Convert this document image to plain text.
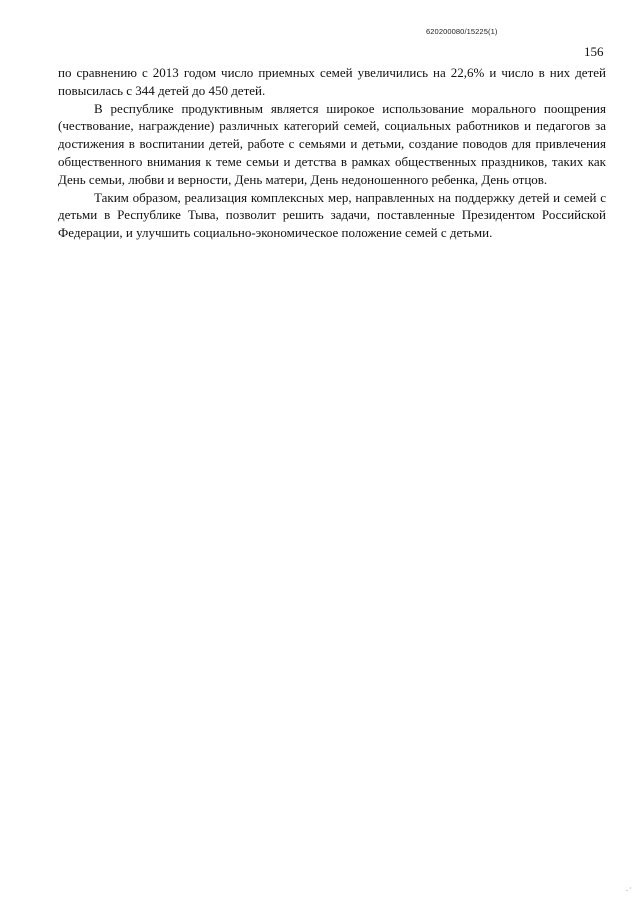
620200080/15225(1)
156

по сравнению с 2013 годом число приемных семей увеличились на 22,6% и число в них детей повысилась с 344 детей до 450 детей.

В республике продуктивным является широкое использование морального поощрения (чествование, награждение) различных категорий семей, социальных работников и педагогов за достижения в воспитании детей, работе с семьями и детьми, создание поводов для привлечения общественного внимания к теме семьи и детства в рамках общественных праздников, таких как День семьи, любви и верности, День матери, День недоношенного ребенка, День отцов.

Таким образом, реализация комплексных мер, направленных на поддержку детей и семей с детьми в Республике Тыва, позволит решить задачи, поставленные Президентом Российской Федерации, и улучшить социально-экономическое положение семей с детьми.

.·
